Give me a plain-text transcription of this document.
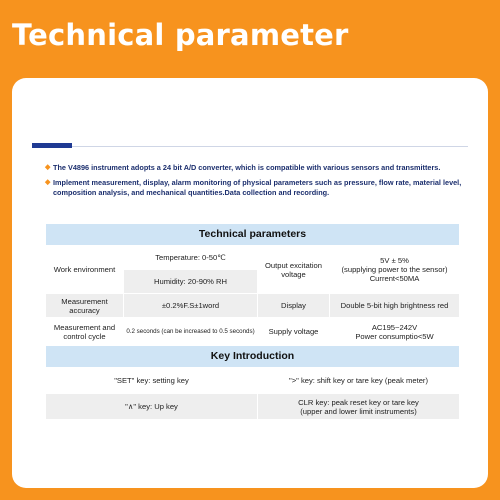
Technical parameter
◆ The V4896 instrument adopts a 24 bit A/D converter, which is compatible with various sensors and transmitters.
◆ Implement measurement, display, alarm monitoring of physical parameters such as pressure, flow rate, material level, composition analysis, and mechanical quantities.Data collection and recording.
Technical parameters			
Work environment	Temperature: 0-50℃	Output excitation voltage	5V ± 5%
(supplying power to the sensor)
Current<50MA

	Humidity: 20-90% RH		
Measurement accuracy	±0.2%F.S±1word	Display	Double 5-bit high brightness red
Measurement and control cycle	0.2 seconds (can be increased to 0.5 seconds)	Supply voltage	AC195~242V
Power consumptio<5W

Key Introduction			
"SET" key: setting key		">" key: shift key or tare key (peak meter)	
"∧" key: Up key		CLR key: peak reset key or tare key
(upper and lower limit instruments)	
